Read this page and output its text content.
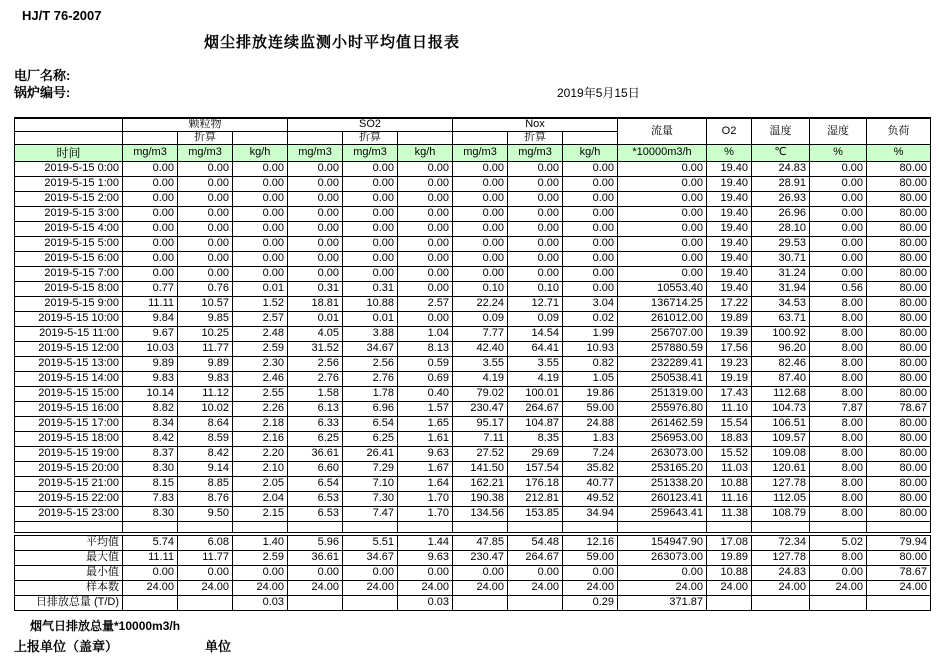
HJ/T 76-2007
烟尘排放连续监测小时平均值日报表
电厂名称:
锅炉编号:	2019年5月15日
	颗粒物			SO2			Nox			流量	O2	温度	湿度	负荷
		折算			折算			折算						
时间	mg/m3	mg/m3	kg/h	mg/m3	mg/m3	kg/h	mg/m3	mg/m3	kg/h	*10000m3/h	%	℃	%	%
2019-5-15 0:00	0.00	0.00	0.00	0.00	0.00	0.00	0.00	0.00	0.00	0.00	19.40	24.83	0.00	80.00
2019-5-15 1:00	0.00	0.00	0.00	0.00	0.00	0.00	0.00	0.00	0.00	0.00	19.40	28.91	0.00	80.00
2019-5-15 2:00	0.00	0.00	0.00	0.00	0.00	0.00	0.00	0.00	0.00	0.00	19.40	26.93	0.00	80.00
2019-5-15 3:00	0.00	0.00	0.00	0.00	0.00	0.00	0.00	0.00	0.00	0.00	19.40	26.96	0.00	80.00
2019-5-15 4:00	0.00	0.00	0.00	0.00	0.00	0.00	0.00	0.00	0.00	0.00	19.40	28.10	0.00	80.00
2019-5-15 5:00	0.00	0.00	0.00	0.00	0.00	0.00	0.00	0.00	0.00	0.00	19.40	29.53	0.00	80.00
2019-5-15 6:00	0.00	0.00	0.00	0.00	0.00	0.00	0.00	0.00	0.00	0.00	19.40	30.71	0.00	80.00
2019-5-15 7:00	0.00	0.00	0.00	0.00	0.00	0.00	0.00	0.00	0.00	0.00	19.40	31.24	0.00	80.00
2019-5-15 8:00	0.77	0.76	0.01	0.31	0.31	0.00	0.10	0.10	0.00	10553.40	19.40	31.94	0.56	80.00
2019-5-15 9:00	11.11	10.57	1.52	18.81	10.88	2.57	22.24	12.71	3.04	136714.25	17.22	34.53	8.00	80.00
2019-5-15 10:00	9.84	9.85	2.57	0.01	0.01	0.00	0.09	0.09	0.02	261012.00	19.89	63.71	8.00	80.00
2019-5-15 11:00	9.67	10.25	2.48	4.05	3.88	1.04	7.77	14.54	1.99	256707.00	19.39	100.92	8.00	80.00
2019-5-15 12:00	10.03	11.77	2.59	31.52	34.67	8.13	42.40	64.41	10.93	257880.59	17.56	96.20	8.00	80.00
2019-5-15 13:00	9.89	9.89	2.30	2.56	2.56	0.59	3.55	3.55	0.82	232289.41	19.23	82.46	8.00	80.00
2019-5-15 14:00	9.83	9.83	2.46	2.76	2.76	0.69	4.19	4.19	1.05	250538.41	19.19	87.40	8.00	80.00
2019-5-15 15:00	10.14	11.12	2.55	1.58	1.78	0.40	79.02	100.01	19.86	251319.00	17.43	112.68	8.00	80.00
2019-5-15 16:00	8.82	10.02	2.26	6.13	6.96	1.57	230.47	264.67	59.00	255976.80	11.10	104.73	7.87	78.67
2019-5-15 17:00	8.34	8.64	2.18	6.33	6.54	1.65	95.17	104.87	24.88	261462.59	15.54	106.51	8.00	80.00
2019-5-15 18:00	8.42	8.59	2.16	6.25	6.25	1.61	7.11	8.35	1.83	256953.00	18.83	109.57	8.00	80.00
2019-5-15 19:00	8.37	8.42	2.20	36.61	26.41	9.63	27.52	29.69	7.24	263073.00	15.52	109.08	8.00	80.00
2019-5-15 20:00	8.30	9.14	2.10	6.60	7.29	1.67	141.50	157.54	35.82	253165.20	11.03	120.61	8.00	80.00
2019-5-15 21:00	8.15	8.85	2.05	6.54	7.10	1.64	162.21	176.18	40.77	251338.20	10.88	127.78	8.00	80.00
2019-5-15 22:00	7.83	8.76	2.04	6.53	7.30	1.70	190.38	212.81	49.52	260123.41	11.16	112.05	8.00	80.00
2019-5-15 23:00	8.30	9.50	2.15	6.53	7.47	1.70	134.56	153.85	34.94	259643.41	11.38	108.79	8.00	80.00

平均值	5.74	6.08	1.40	5.96	5.51	1.44	47.85	54.48	12.16	154947.90	17.08	72.34	5.02	79.94
最大值	11.11	11.77	2.59	36.61	34.67	9.63	230.47	264.67	59.00	263073.00	19.89	127.78	8.00	80.00
最小值	0.00	0.00	0.00	0.00	0.00	0.00	0.00	0.00	0.00	0.00	10.88	24.83	0.00	78.67
样本数	24.00	24.00	24.00	24.00	24.00	24.00	24.00	24.00	24.00	24.00	24.00	24.00	24.00	24.00
日排放总量 (T/D)			0.03			0.03			0.29	371.87				
烟气日排放总量*10000m3/h
上报单位（盖章）	单位
